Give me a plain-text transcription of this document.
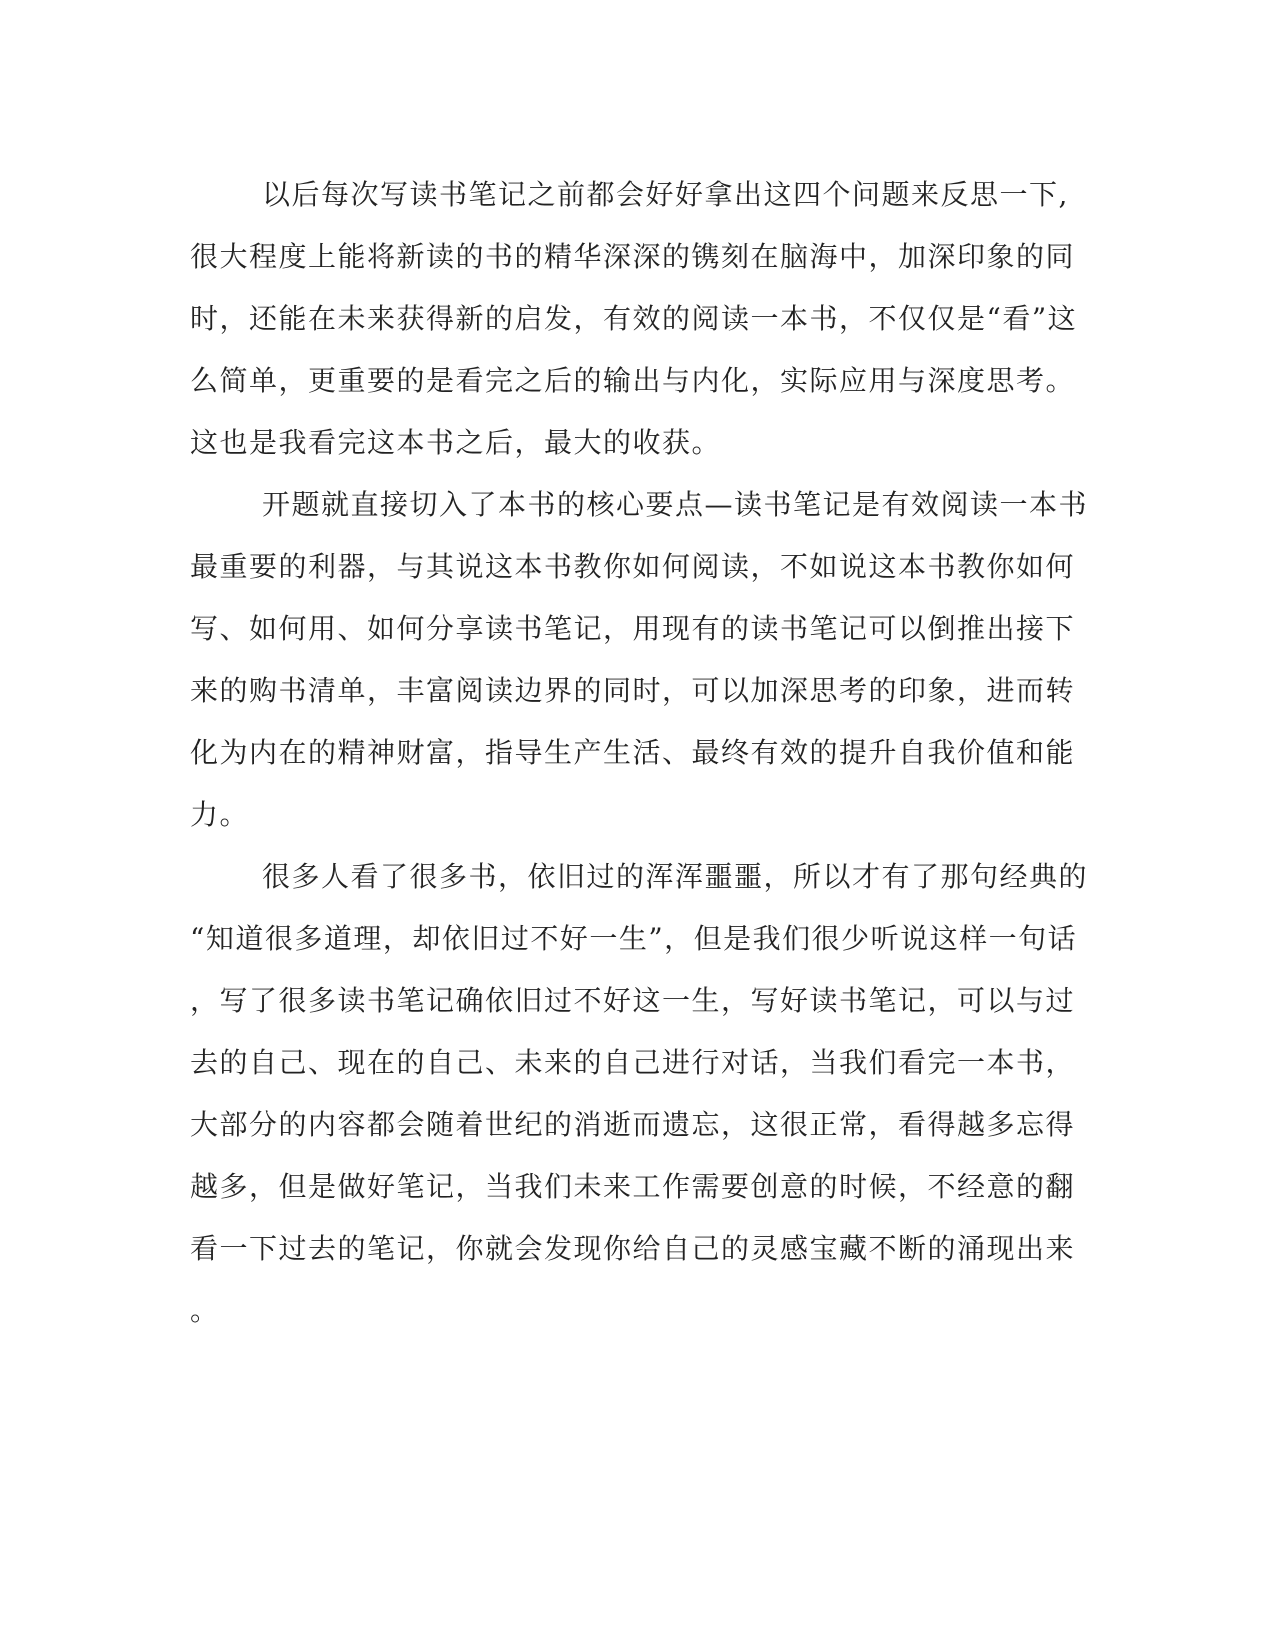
以后每次写读书笔记之前都会好好拿出这四个问题来反思一下,
很大程度上能将新读的书的精华深深的镌刻在脑海中，加深印象的同
时，还能在未来获得新的启发，有效的阅读一本书，不仅仅是“看”这
么简单，更重要的是看完之后的输出与内化，实际应用与深度思考。
这也是我看完这本书之后，最大的收获。
开题就直接切入了本书的核心要点—读书笔记是有效阅读一本书
最重要的利器，与其说这本书教你如何阅读，不如说这本书教你如何
写、如何用、如何分享读书笔记，用现有的读书笔记可以倒推出接下
来的购书清单，丰富阅读边界的同时，可以加深思考的印象，进而转
化为内在的精神财富，指导生产生活、最终有效的提升自我价值和能
力。
很多人看了很多书，依旧过的浑浑噩噩，所以才有了那句经典的
“知道很多道理，却依旧过不好一生”，但是我们很少听说这样一句话
，写了很多读书笔记确依旧过不好这一生，写好读书笔记，可以与过
去的自己、现在的自己、未来的自己进行对话，当我们看完一本书，
大部分的内容都会随着世纪的消逝而遗忘，这很正常，看得越多忘得
越多，但是做好笔记，当我们未来工作需要创意的时候，不经意的翻
看一下过去的笔记，你就会发现你给自己的灵感宝藏不断的涌现出来
。
